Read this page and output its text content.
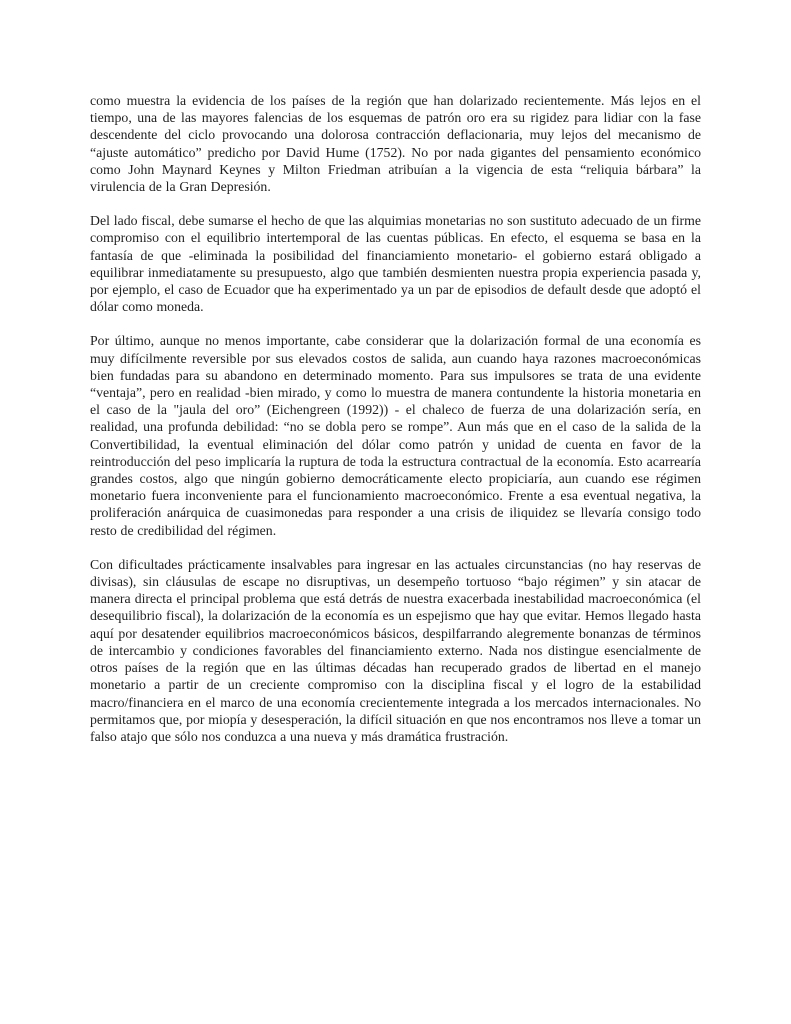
como muestra la evidencia de los países de la región que han dolarizado recientemente. Más lejos en el tiempo, una de las mayores falencias de los esquemas de patrón oro era su rigidez para lidiar con la fase descendente del ciclo provocando una dolorosa contracción deflacionaria, muy lejos del mecanismo de “ajuste automático” predicho por David Hume (1752). No por nada gigantes del pensamiento económico como John Maynard Keynes y Milton Friedman atribuían a la vigencia de esta “reliquia bárbara” la virulencia de la Gran Depresión.

Del lado fiscal, debe sumarse el hecho de que las alquimias monetarias no son sustituto adecuado de un firme compromiso con el equilibrio intertemporal de las cuentas públicas. En efecto, el esquema se basa en la fantasía de que -eliminada la posibilidad del financiamiento monetario- el gobierno estará obligado a equilibrar inmediatamente su presupuesto, algo que también desmienten nuestra propia experiencia pasada y, por ejemplo, el caso de Ecuador que ha experimentado ya un par de episodios de default desde que adoptó el dólar como moneda.

Por último, aunque no menos importante, cabe considerar que la dolarización formal de una economía es muy difícilmente reversible por sus elevados costos de salida, aun cuando haya razones macroeconómicas bien fundadas para su abandono en determinado momento. Para sus impulsores se trata de una evidente “ventaja”, pero en realidad -bien mirado, y como lo muestra de manera contundente la historia monetaria en el caso de la "jaula del oro” (Eichengreen (1992)) - el chaleco de fuerza de una dolarización sería, en realidad, una profunda debilidad: “no se dobla pero se rompe”. Aun más que en el caso de la salida de la Convertibilidad, la eventual eliminación del dólar como patrón y unidad de cuenta en favor de la reintroducción del peso implicaría la ruptura de toda la estructura contractual de la economía. Esto acarrearía grandes costos, algo que ningún gobierno democráticamente electo propiciaría, aun cuando ese régimen monetario fuera inconveniente para el funcionamiento macroeconómico. Frente a esa eventual negativa, la proliferación anárquica de cuasimonedas para responder a una crisis de iliquidez se llevaría consigo todo resto de credibilidad del régimen.

Con dificultades prácticamente insalvables para ingresar en las actuales circunstancias (no hay reservas de divisas), sin cláusulas de escape no disruptivas, un desempeño tortuoso “bajo régimen” y sin atacar de manera directa el principal problema que está detrás de nuestra exacerbada inestabilidad macroeconómica (el desequilibrio fiscal), la dolarización de la economía es un espejismo que hay que evitar. Hemos llegado hasta aquí por desatender equilibrios macroeconómicos básicos, despilfarrando alegremente bonanzas de términos de intercambio y condiciones favorables del financiamiento externo. Nada nos distingue esencialmente de otros países de la región que en las últimas décadas han recuperado grados de libertad en el manejo monetario a partir de un creciente compromiso con la disciplina fiscal y el logro de la estabilidad macro/financiera en el marco de una economía crecientemente integrada a los mercados internacionales. No permitamos que, por miopía y desesperación, la difícil situación en que nos encontramos nos lleve a tomar un falso atajo que sólo nos conduzca a una nueva y más dramática frustración.
